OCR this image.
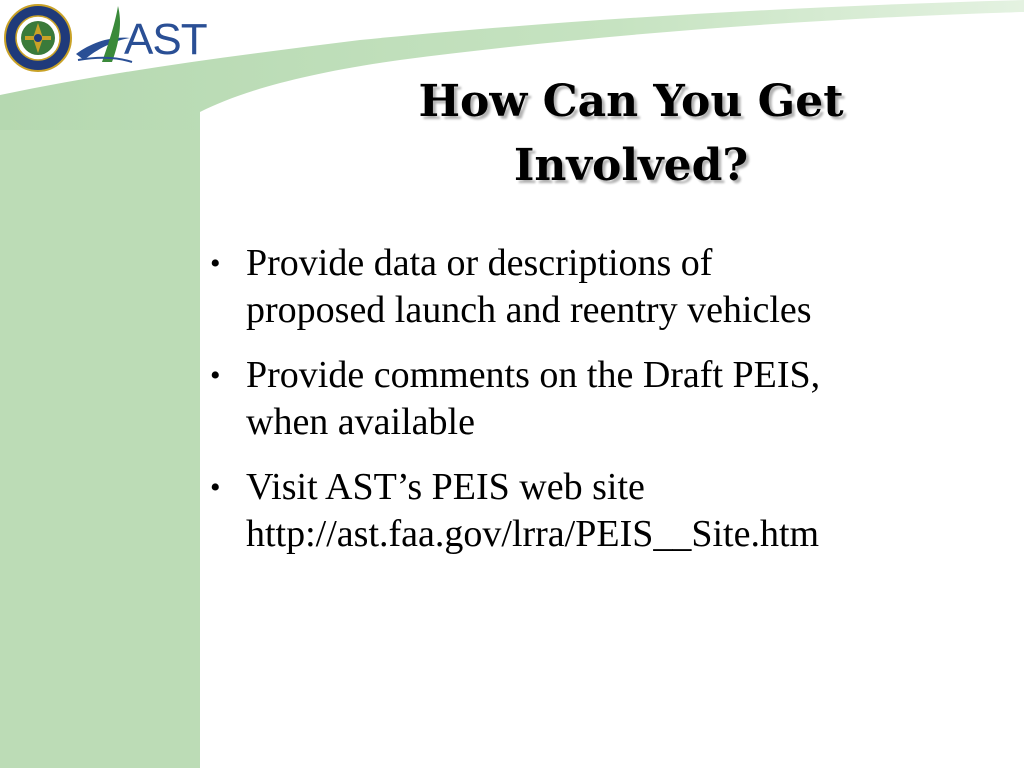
AST
How Can You Get
Involved?
• Provide data or descriptions of
proposed launch and reentry vehicles
• Provide comments on the Draft PEIS,
when available
• Visit AST’s PEIS web site
http://ast.faa.gov/lrra/PEIS__Site.htm
